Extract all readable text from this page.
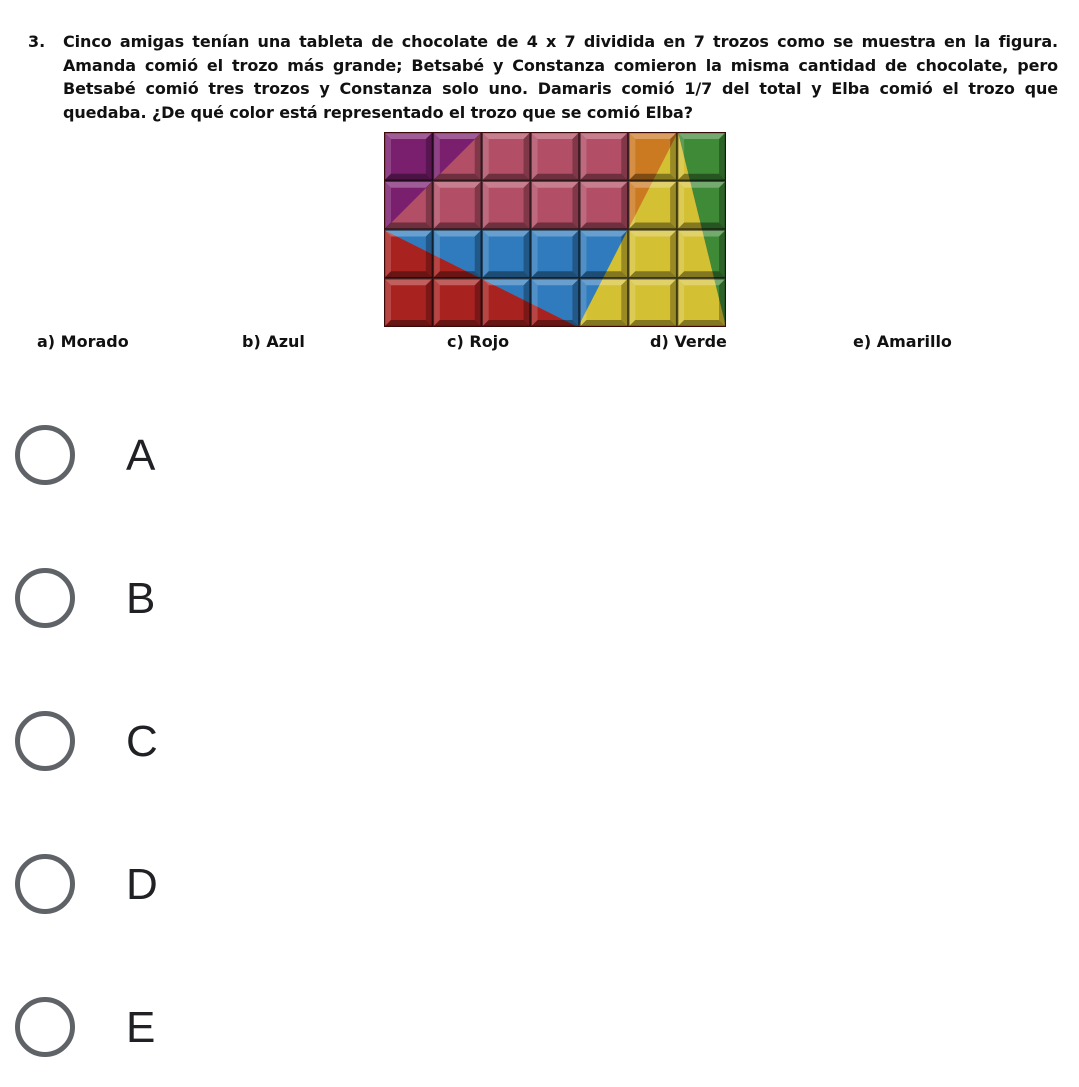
3. Cinco amigas tenían una tableta de chocolate de 4 x 7 dividida en 7 trozos como se muestra en la figura. Amanda comió el trozo más grande; Betsabé y Constanza comieron la misma cantidad de chocolate, pero Betsabé comió tres trozos y Constanza solo uno. Damaris comió 1/7 del total y Elba comió el trozo que quedaba. ¿De qué color está representado el trozo que se comió Elba?
a) Morado	b) Azul	c) Rojo	d) Verde	e) Amarillo
A
B
C
D
E
